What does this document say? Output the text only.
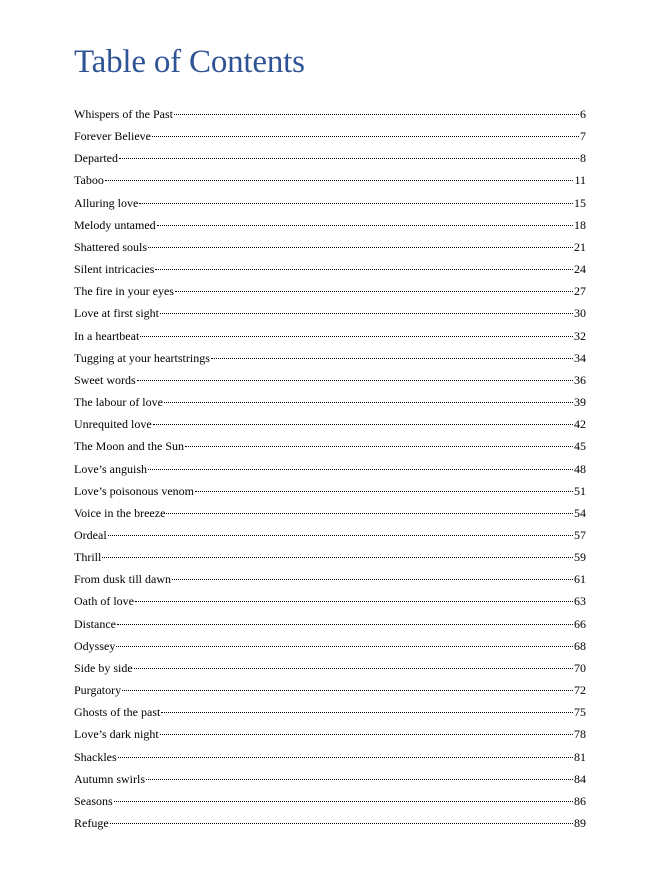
Table of Contents
Whispers of the Past	6
Forever Believe	7
Departed	8
Taboo	11
Alluring love	15
Melody untamed	18
Shattered souls	21
Silent intricacies	24
The fire in your eyes	27
Love at first sight	30
In a heartbeat	32
Tugging at your heartstrings	34
Sweet words	36
The labour of love	39
Unrequited love	42
The Moon and the Sun	45
Love’s anguish	48
Love’s poisonous venom	51
Voice in the breeze	54
Ordeal	57
Thrill	59
From dusk till dawn	61
Oath of love	63
Distance	66
Odyssey	68
Side by side	70
Purgatory	72
Ghosts of the past	75
Love’s dark night	78
Shackles	81
Autumn swirls	84
Seasons	86
Refuge	89
